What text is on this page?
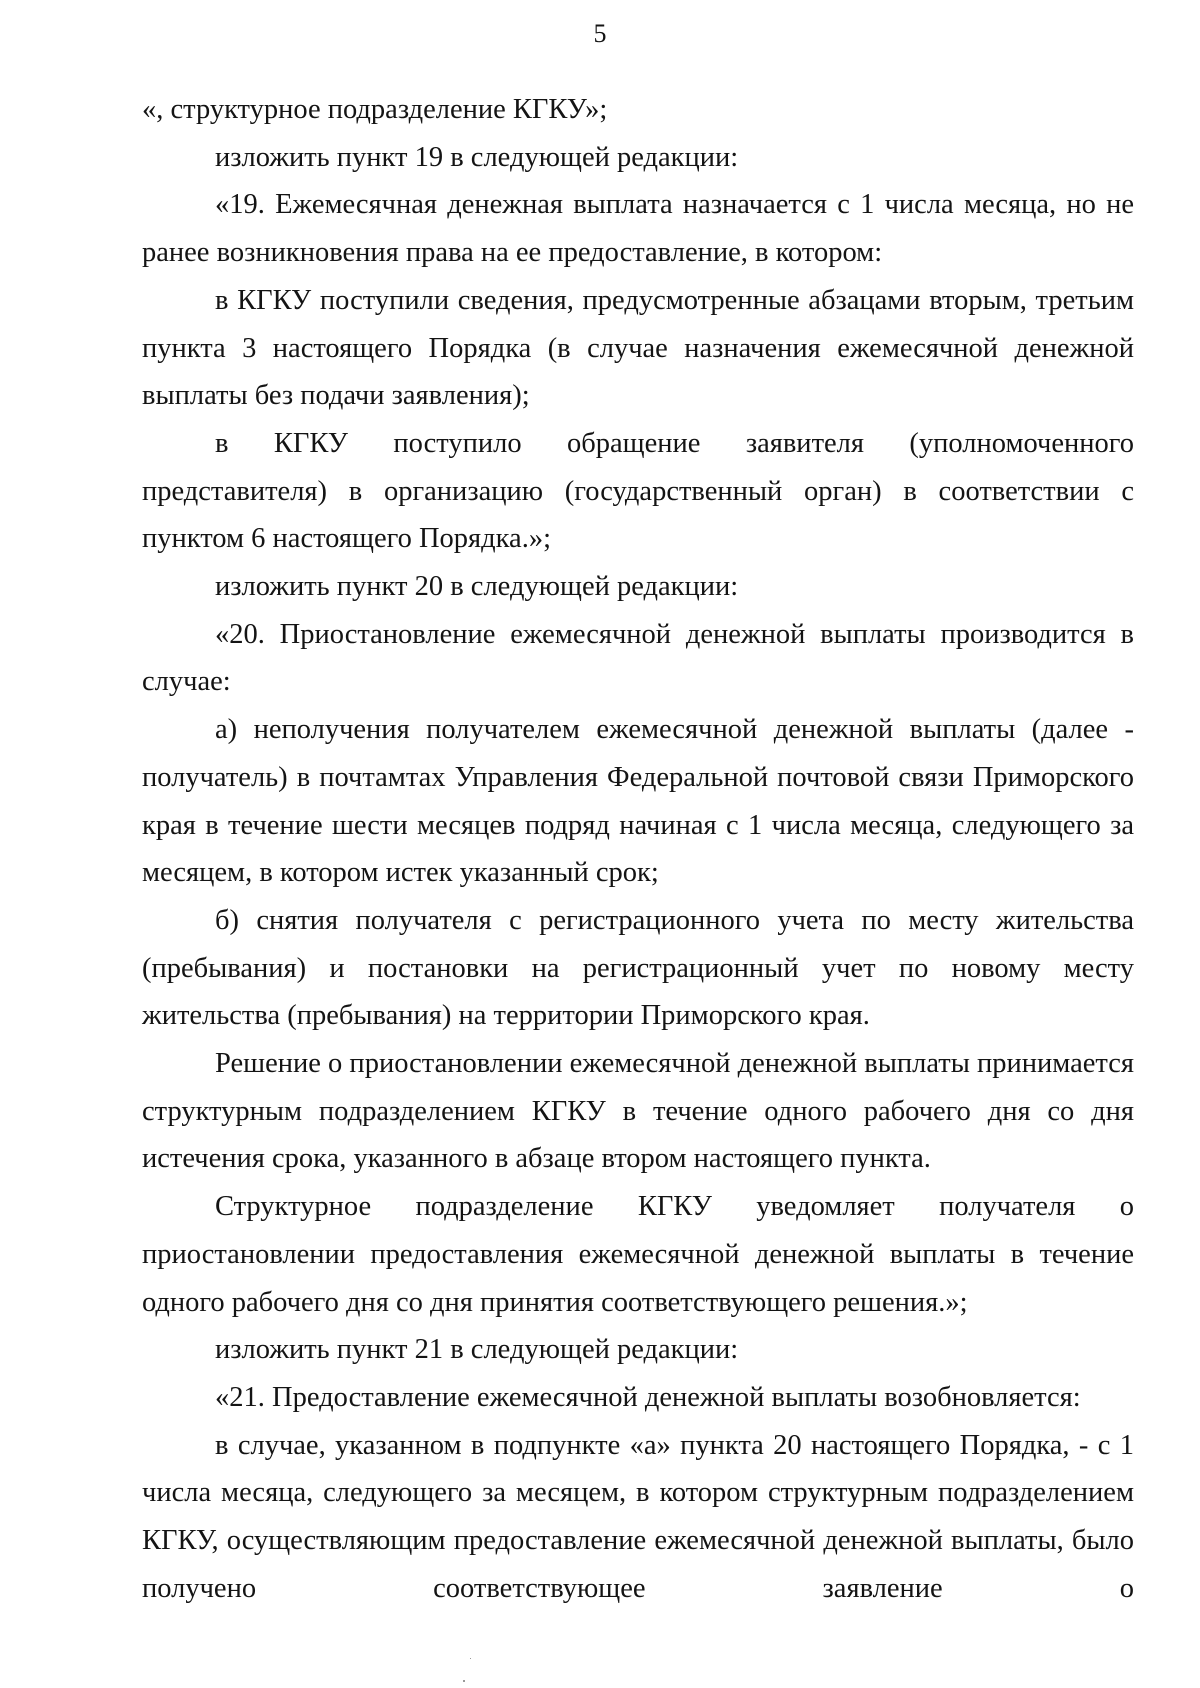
5

«, структурное подразделение КГКУ»;

изложить пункт 19 в следующей редакции:

«19. Ежемесячная денежная выплата назначается с 1 числа месяца, но не ранее возникновения права на ее предоставление, в котором:

в КГКУ поступили сведения, предусмотренные абзацами вторым, третьим пункта 3 настоящего Порядка (в случае назначения ежемесячной денежной выплаты без подачи заявления);

в КГКУ поступило обращение заявителя (уполномоченного представителя) в организацию (государственный орган) в соответствии с пунктом 6 настоящего Порядка.»;

изложить пункт 20 в следующей редакции:

«20. Приостановление ежемесячной денежной выплаты производится в случае:

а) неполучения получателем ежемесячной денежной выплаты (далее - получатель) в почтамтах Управления Федеральной почтовой связи Приморского края в течение шести месяцев подряд начиная с 1 числа месяца, следующего за месяцем, в котором истек указанный срок;

б) снятия получателя с регистрационного учета по месту жительства (пребывания) и постановки на регистрационный учет по новому месту жительства (пребывания) на территории Приморского края.

Решение о приостановлении ежемесячной денежной выплаты принимается структурным подразделением КГКУ в течение одного рабочего дня со дня истечения срока, указанного в абзаце втором настоящего пункта.

Структурное подразделение КГКУ уведомляет получателя о приостановлении предоставления ежемесячной денежной выплаты в течение одного рабочего дня со дня принятия соответствующего решения.»;

изложить пункт 21 в следующей редакции:

«21. Предоставление ежемесячной денежной выплаты возобновляется:

в случае, указанном в подпункте «а» пункта 20 настоящего Порядка, - с 1 числа месяца, следующего за месяцем, в котором структурным подразделением КГКУ, осуществляющим предоставление ежемесячной денежной выплаты, было получено соответствующее заявление о
